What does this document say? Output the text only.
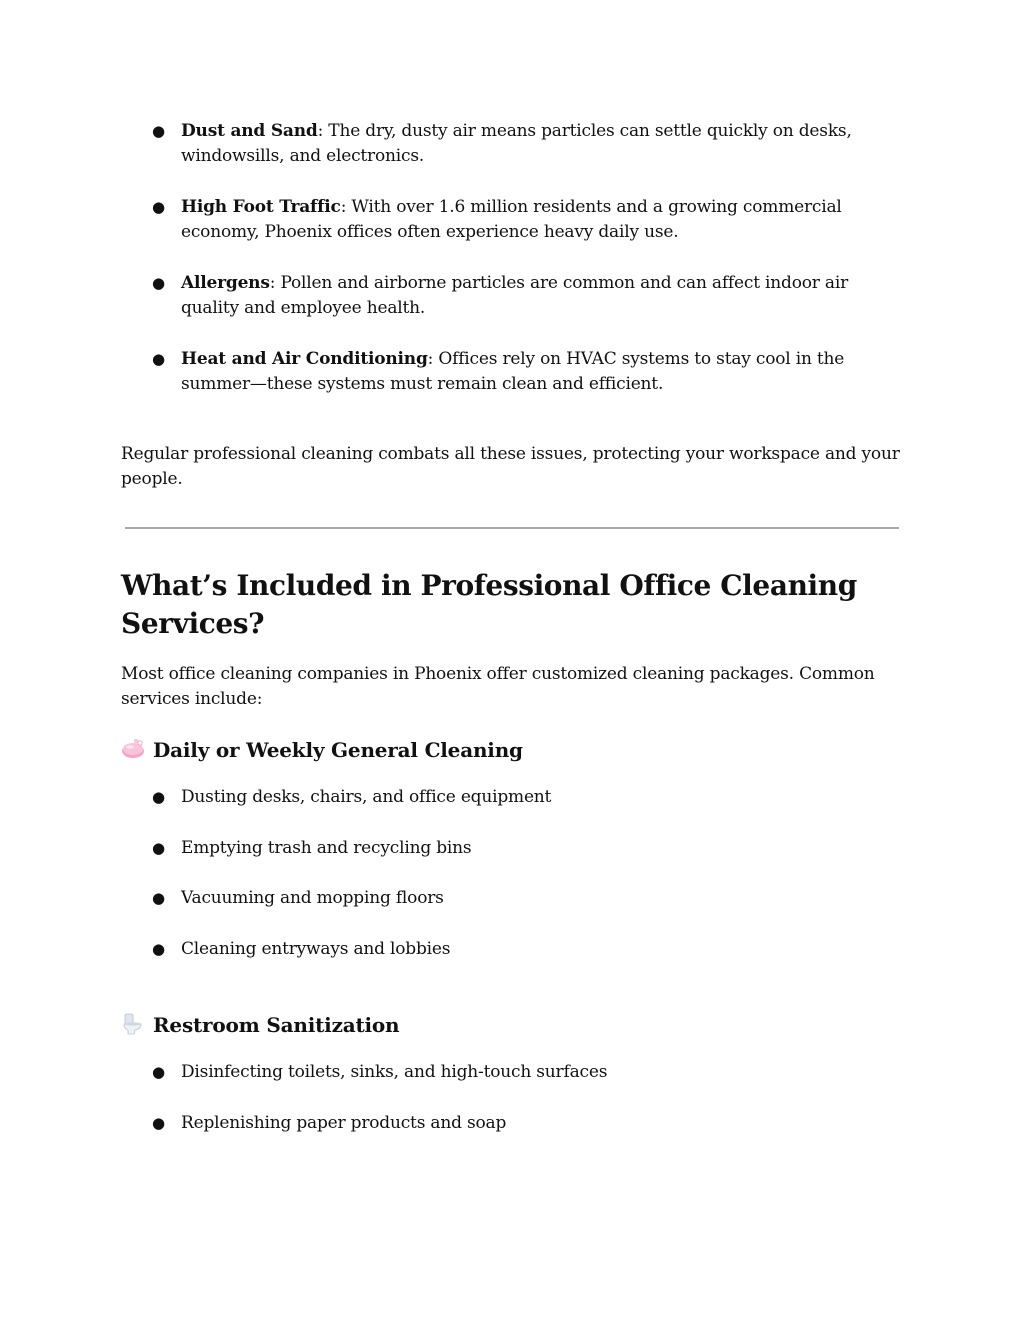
● Dust and Sand: The dry, dusty air means particles can settle quickly on desks, windowsills, and electronics.
● High Foot Traffic: With over 1.6 million residents and a growing commercial economy, Phoenix offices often experience heavy daily use.
● Allergens: Pollen and airborne particles are common and can affect indoor air quality and employee health.
● Heat and Air Conditioning: Offices rely on HVAC systems to stay cool in the summer—these systems must remain clean and efficient.

Regular professional cleaning combats all these issues, protecting your workspace and your people.

What’s Included in Professional Office Cleaning Services?

Most office cleaning companies in Phoenix offer customized cleaning packages. Common services include:

Daily or Weekly General Cleaning
● Dusting desks, chairs, and office equipment
● Emptying trash and recycling bins
● Vacuuming and mopping floors
● Cleaning entryways and lobbies
Restroom Sanitization
● Disinfecting toilets, sinks, and high-touch surfaces
● Replenishing paper products and soap
